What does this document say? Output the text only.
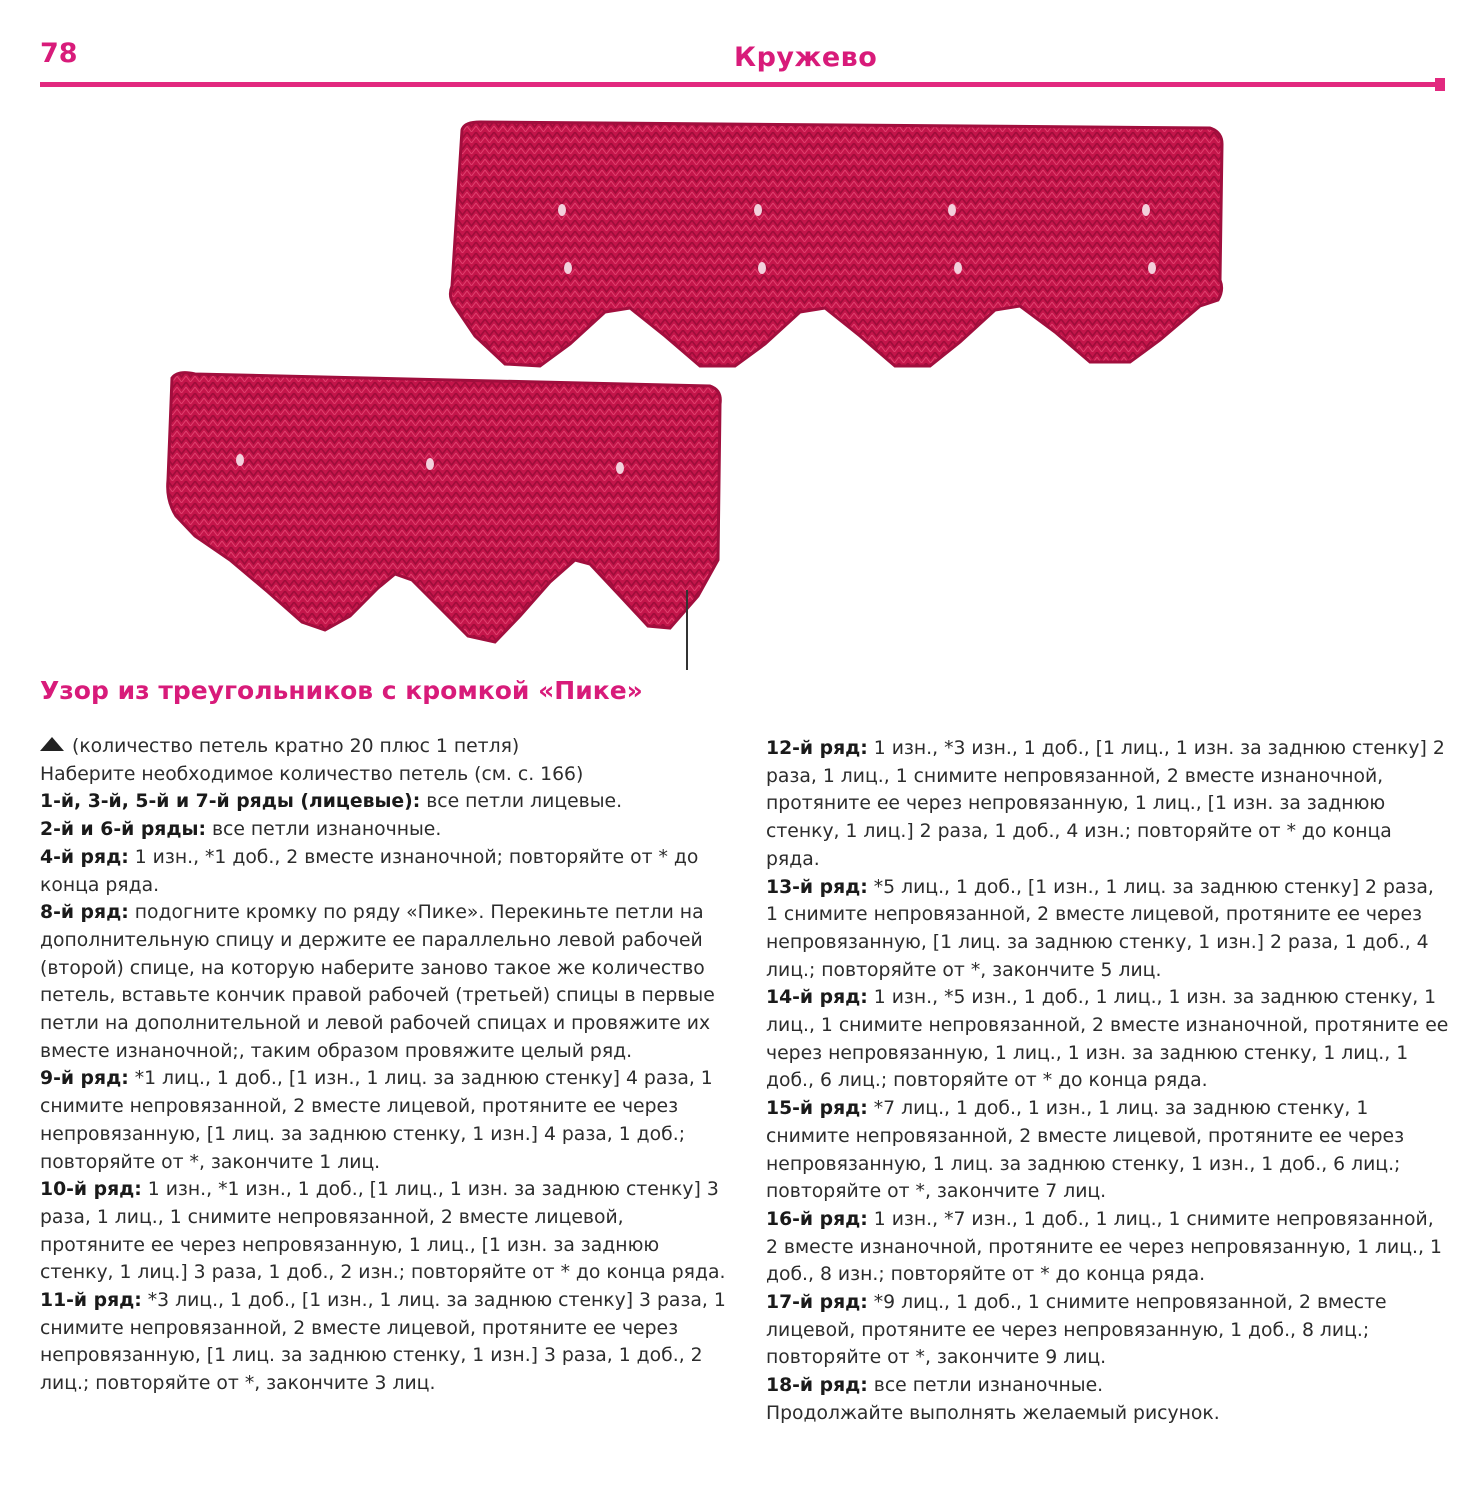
78	Кружево
Узор из треугольников с кромкой «Пике»

(количество петель кратно 20 плюс 1 петля)

Наберите необходимое количество петель (см. с. 166)

1-й, 3-й, 5-й и 7-й ряды (лицевые): все петли лицевые.

2-й и 6-й ряды: все петли изнаночные.

4-й ряд: 1 изн., *1 доб., 2 вместе изнаночной; повторяйте от * до конца ряда.

8-й ряд: подогните кромку по ряду «Пике». Перекиньте петли на дополнительную спицу и держите ее параллельно левой рабочей (второй) спице, на которую наберите заново такое же количество петель, вставьте кончик правой рабочей (третьей) спицы в первые петли на дополнительной и левой рабочей спицах и провяжите их вместе изнаночной;, таким образом провяжите целый ряд.

9-й ряд: *1 лиц., 1 доб., [1 изн., 1 лиц. за заднюю стенку] 4 раза, 1 снимите непровязанной, 2 вместе лицевой, протяните ее через непровязанную, [1 лиц. за заднюю стенку, 1 изн.] 4 раза, 1 доб.; повторяйте от *, закончите 1 лиц.

10-й ряд: 1 изн., *1 изн., 1 доб., [1 лиц., 1 изн. за заднюю стенку] 3 раза, 1 лиц., 1 снимите непровязанной, 2 вместе лицевой, протяните ее через непровязанную, 1 лиц., [1 изн. за заднюю стенку, 1 лиц.] 3 раза, 1 доб., 2 изн.; повторяйте от * до конца ряда.

11-й ряд: *3 лиц., 1 доб., [1 изн., 1 лиц. за заднюю стенку] 3 раза, 1 снимите непровязанной, 2 вместе лицевой, протяните ее через непровязанную, [1 лиц. за заднюю стенку, 1 изн.] 3 раза, 1 доб., 2 лиц.; повторяйте от *, закончите 3 лиц.

12-й ряд: 1 изн., *3 изн., 1 доб., [1 лиц., 1 изн. за заднюю стенку] 2 раза, 1 лиц., 1 снимите непровязанной, 2 вместе изнаночной, протяните ее через непровязанную, 1 лиц., [1 изн. за заднюю стенку, 1 лиц.] 2 раза, 1 доб., 4 изн.; повторяйте от * до конца ряда.

13-й ряд: *5 лиц., 1 доб., [1 изн., 1 лиц. за заднюю стенку] 2 раза, 1 снимите непровязанной, 2 вместе лицевой, протяните ее через непровязанную, [1 лиц. за заднюю стенку, 1 изн.] 2 раза, 1 доб., 4 лиц.; повторяйте от *, закончите 5 лиц.

14-й ряд: 1 изн., *5 изн., 1 доб., 1 лиц., 1 изн. за заднюю стенку, 1 лиц., 1 снимите непровязанной, 2 вместе изнаночной, протяните ее через непровязанную, 1 лиц., 1 изн. за заднюю стенку, 1 лиц., 1 доб., 6 лиц.; повторяйте от * до конца ряда.

15-й ряд: *7 лиц., 1 доб., 1 изн., 1 лиц. за заднюю стенку, 1 снимите непровязанной, 2 вместе лицевой, протяните ее через непровязанную, 1 лиц. за заднюю стенку, 1 изн., 1 доб., 6 лиц.; повторяйте от *, закончите 7 лиц.

16-й ряд: 1 изн., *7 изн., 1 доб., 1 лиц., 1 снимите непровязанной, 2 вместе изнаночной, протяните ее через непровязанную, 1 лиц., 1 доб., 8 изн.; повторяйте от * до конца ряда.

17-й ряд: *9 лиц., 1 доб., 1 снимите непровязанной, 2 вместе лицевой, протяните ее через непровязанную, 1 доб., 8 лиц.; повторяйте от *, закончите 9 лиц.

18-й ряд: все петли изнаночные.

Продолжайте выполнять желаемый рисунок.
